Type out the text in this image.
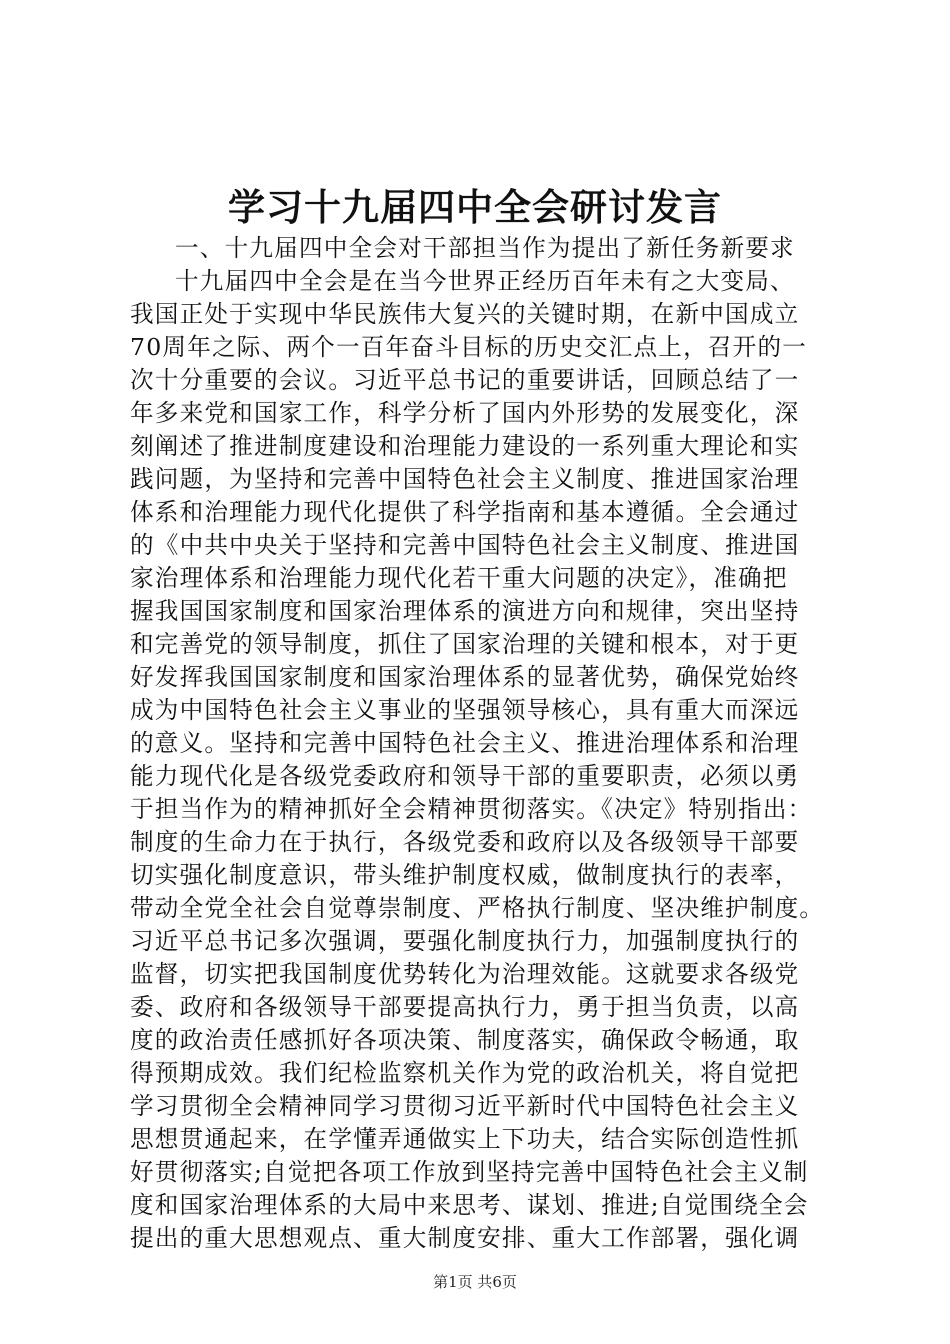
学习十九届四中全会研讨发言
一、十九届四中全会对干部担当作为提出了新任务新要求
十九届四中全会是在当今世界正经历百年未有之大变局、
我国正处于实现中华民族伟大复兴的关键时期，在新中国成立
70周年之际、两个一百年奋斗目标的历史交汇点上，召开的一
次十分重要的会议。习近平总书记的重要讲话，回顾总结了一
年多来党和国家工作，科学分析了国内外形势的发展变化，深
刻阐述了推进制度建设和治理能力建设的一系列重大理论和实
践问题，为坚持和完善中国特色社会主义制度、推进国家治理
体系和治理能力现代化提供了科学指南和基本遵循。全会通过
的《中共中央关于坚持和完善中国特色社会主义制度、推进国
家治理体系和治理能力现代化若干重大问题的决定》，准确把
握我国国家制度和国家治理体系的演进方向和规律，突出坚持
和完善党的领导制度，抓住了国家治理的关键和根本，对于更
好发挥我国国家制度和国家治理体系的显著优势，确保党始终
成为中国特色社会主义事业的坚强领导核心，具有重大而深远
的意义。坚持和完善中国特色社会主义、推进治理体系和治理
能力现代化是各级党委政府和领导干部的重要职责，必须以勇
于担当作为的精神抓好全会精神贯彻落实。《决定》特别指出：
制度的生命力在于执行，各级党委和政府以及各级领导干部要
切实强化制度意识，带头维护制度权威，做制度执行的表率，
带动全党全社会自觉尊崇制度、严格执行制度、坚决维护制度。
习近平总书记多次强调，要强化制度执行力，加强制度执行的
监督，切实把我国制度优势转化为治理效能。这就要求各级党
委、政府和各级领导干部要提高执行力，勇于担当负责，以高
度的政治责任感抓好各项决策、制度落实，确保政令畅通，取
得预期成效。我们纪检监察机关作为党的政治机关，将自觉把
学习贯彻全会精神同学习贯彻习近平新时代中国特色社会主义
思想贯通起来，在学懂弄通做实上下功夫，结合实际创造性抓
好贯彻落实;自觉把各项工作放到坚持完善中国特色社会主义制
度和国家治理体系的大局中来思考、谋划、推进;自觉围绕全会
提出的重大思想观点、重大制度安排、重大工作部署，强化调
第1页 共6页
